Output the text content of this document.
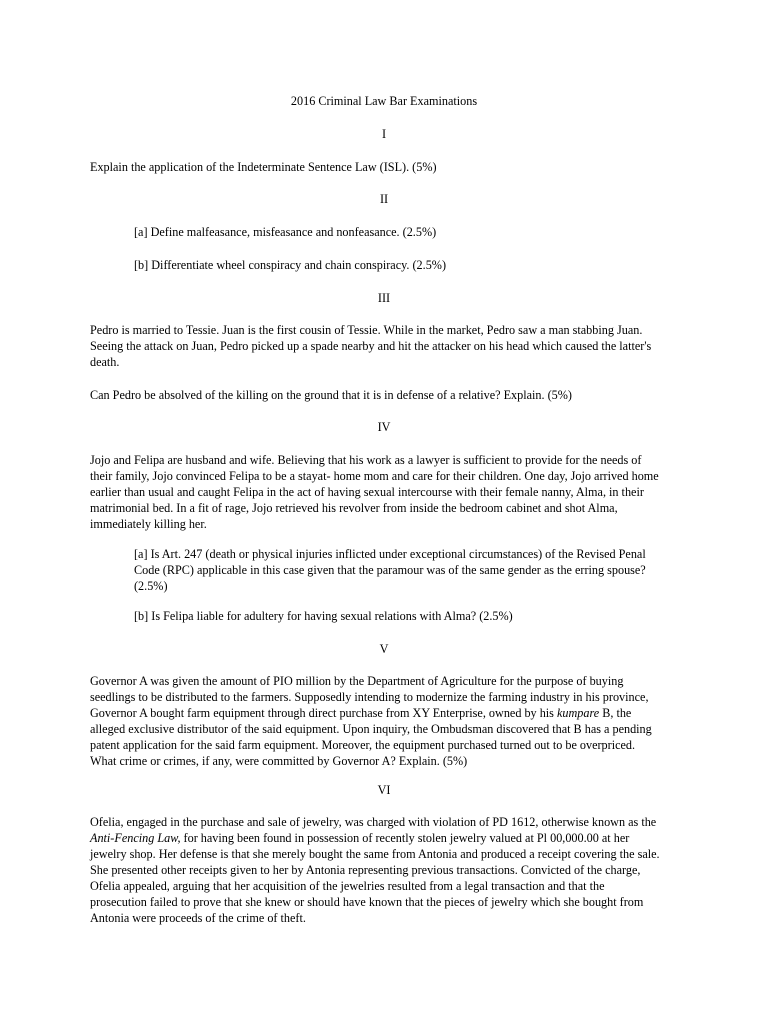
2016 Criminal Law Bar Examinations

I

Explain the application of the Indeterminate Sentence Law (ISL). (5%)

II

[a] Define malfeasance, misfeasance and nonfeasance. (2.5%)

[b] Differentiate wheel conspiracy and chain conspiracy. (2.5%)

III

Pedro is married to Tessie. Juan is the first cousin of Tessie. While in the market, Pedro saw a man stabbing Juan.
Seeing the attack on Juan, Pedro picked up a spade nearby and hit the attacker on his head which caused the latter's
death.

Can Pedro be absolved of the killing on the ground that it is in defense of a relative? Explain. (5%)

IV

Jojo and Felipa are husband and wife. Believing that his work as a lawyer is sufficient to provide for the needs of
their family, Jojo convinced Felipa to be a stayat- home mom and care for their children. One day, Jojo arrived home
earlier than usual and caught Felipa in the act of having sexual intercourse with their female nanny, Alma, in their
matrimonial bed. In a fit of rage, Jojo retrieved his revolver from inside the bedroom cabinet and shot Alma,
immediately killing her.
[a] Is Art. 247 (death or physical injuries inflicted under exceptional circumstances) of the Revised Penal
Code (RPC) applicable in this case given that the paramour was of the same gender as the erring spouse?
(2.5%)

[b] Is Felipa liable for adultery for having sexual relations with Alma? (2.5%)

V

Governor A was given the amount of PIO million by the Department of Agriculture for the purpose of buying
seedlings to be distributed to the farmers. Supposedly intending to modernize the farming industry in his province,
Governor A bought farm equipment through direct purchase from XY Enterprise, owned by his kumpare B, the
alleged exclusive distributor of the said equipment. Upon inquiry, the Ombudsman discovered that B has a pending
patent application for the said farm equipment. Moreover, the equipment purchased turned out to be overpriced.
What crime or crimes, if any, were committed by Governor A? Explain. (5%)

VI

Ofelia, engaged in the purchase and sale of jewelry, was charged with violation of PD 1612, otherwise known as the
Anti-Fencing Law, for having been found in possession of recently stolen jewelry valued at Pl 00,000.00 at her
jewelry shop. Her defense is that she merely bought the same from Antonia and produced a receipt covering the sale.
She presented other receipts given to her by Antonia representing previous transactions. Convicted of the charge,
Ofelia appealed, arguing that her acquisition of the jewelries resulted from a legal transaction and that the
prosecution failed to prove that she knew or should have known that the pieces of jewelry which she bought from
Antonia were proceeds of the crime of theft.
